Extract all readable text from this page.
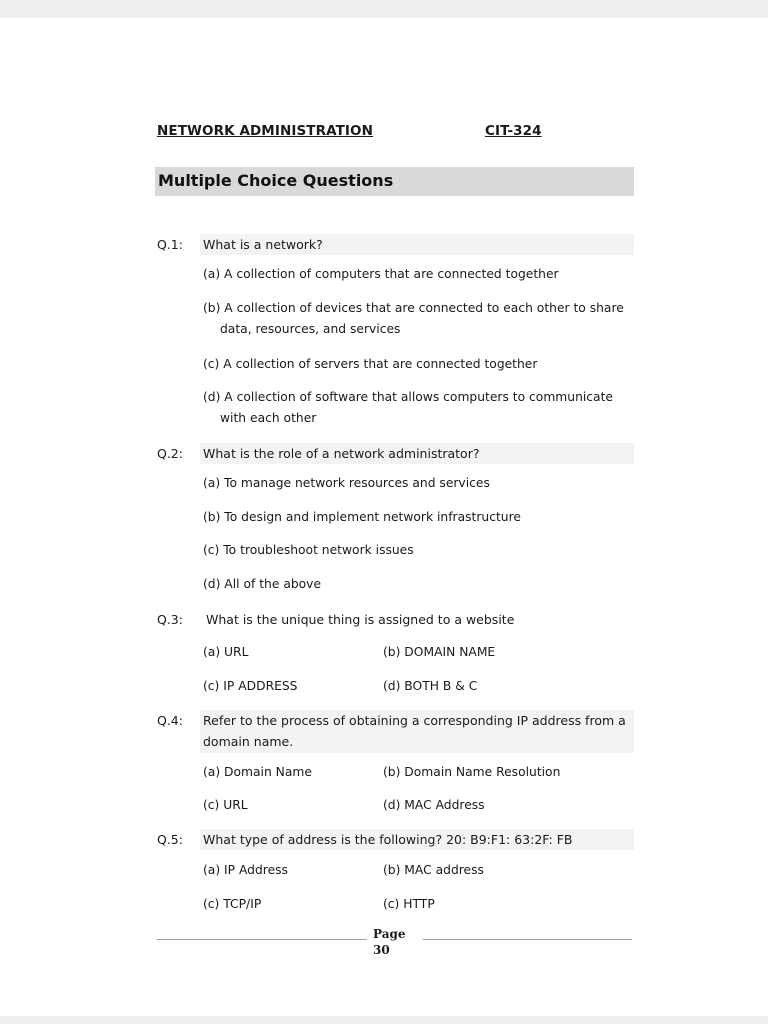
NETWORK ADMINISTRATION	CIT-324
Multiple Choice Questions
Q.1: What is a network?
(a) A collection of computers that are connected together
(b) A collection of devices that are connected to each other to share
data, resources, and services
(c) A collection of servers that are connected together
(d) A collection of software that allows computers to communicate
with each other
Q.2: What is the role of a network administrator?
(a) To manage network resources and services
(b) To design and implement network infrastructure
(c) To troubleshoot network issues
(d) All of the above
Q.3: What is the unique thing is assigned to a website
(a) URL	(b) DOMAIN NAME
(c) IP ADDRESS	(d) BOTH B & C
Q.4: Refer to the process of obtaining a corresponding IP address from a domain name.
(a) Domain Name	(b) Domain Name Resolution
(c) URL	(d) MAC Address
Q.5: What type of address is the following? 20: B9:F1: 63:2F: FB
(a) IP Address	(b) MAC address
(c) TCP/IP	(c) HTTP
Page
30
